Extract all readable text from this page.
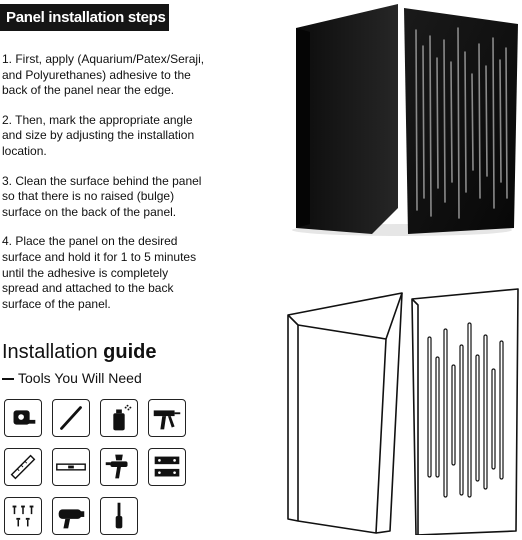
Panel installation steps

1. First, apply (Aquarium/Patex/Seraji, and Polyurethanes) adhesive to the back of the panel near the edge.

2. Then, mark the appropriate angle and size by adjusting the installation location.

3. Clean the surface behind the panel so that there is no raised (bulge) surface on the back of the panel.

4. Place the panel on the desired surface and hold it for 1 to 5 minutes until the adhesive is completely spread and attached to the back surface of the panel.

Installation guide
Tools You Will Need
